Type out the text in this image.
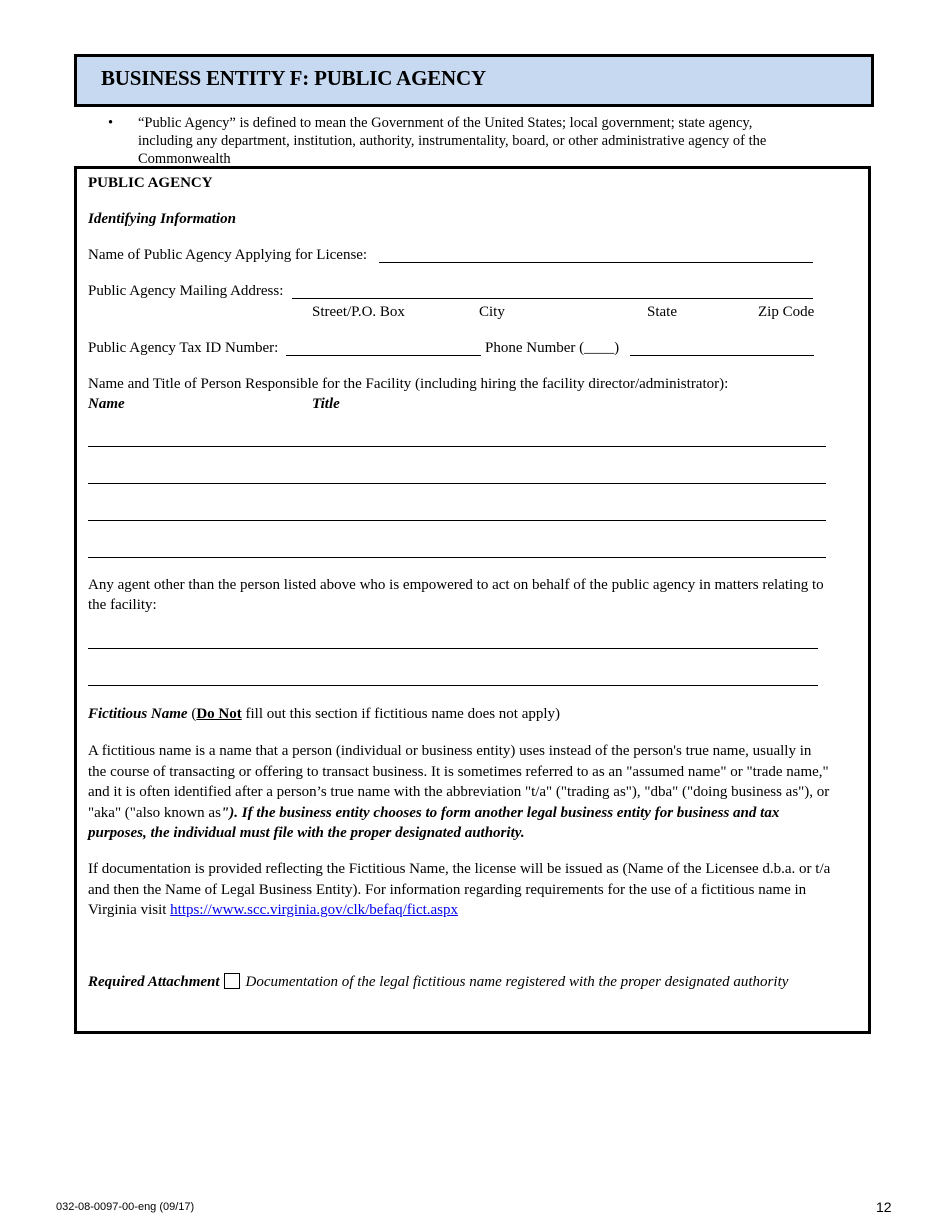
BUSINESS ENTITY F: PUBLIC AGENCY
• “Public Agency” is defined to mean the Government of the United States; local government; state agency,
including any department, institution, authority, instrumentality, board, or other administrative agency of the
Commonwealth
PUBLIC AGENCY
Identifying Information
Name of Public Agency Applying for License:
Public Agency Mailing Address:
Street/P.O. Box	City	State	Zip Code
Public Agency Tax ID Number:	Phone Number (____)
Name and Title of Person Responsible for the Facility (including hiring the facility director/administrator):
Name	Title
Any agent other than the person listed above who is empowered to act on behalf of the public agency in matters relating to
the facility:
Fictitious Name (Do Not fill out this section if fictitious name does not apply)
A fictitious name is a name that a person (individual or business entity) uses instead of the person's true name, usually in
the course of transacting or offering to transact business. It is sometimes referred to as an "assumed name" or "trade name,"
and it is often identified after a person’s true name with the abbreviation "t/a" ("trading as"), "dba" ("doing business as"), or
"aka" ("also known as"). If the business entity chooses to form another legal business entity for business and tax
purposes, the individual must file with the proper designated authority.
If documentation is provided reflecting the Fictitious Name, the license will be issued as (Name of the Licensee d.b.a. or t/a
and then the Name of Legal Business Entity). For information regarding requirements for the use of a fictitious name in
Virginia visit https://www.scc.virginia.gov/clk/befaq/fict.aspx
Required Attachment Documentation of the legal fictitious name registered with the proper designated authority
032-08-0097-00-eng (09/17)	12
